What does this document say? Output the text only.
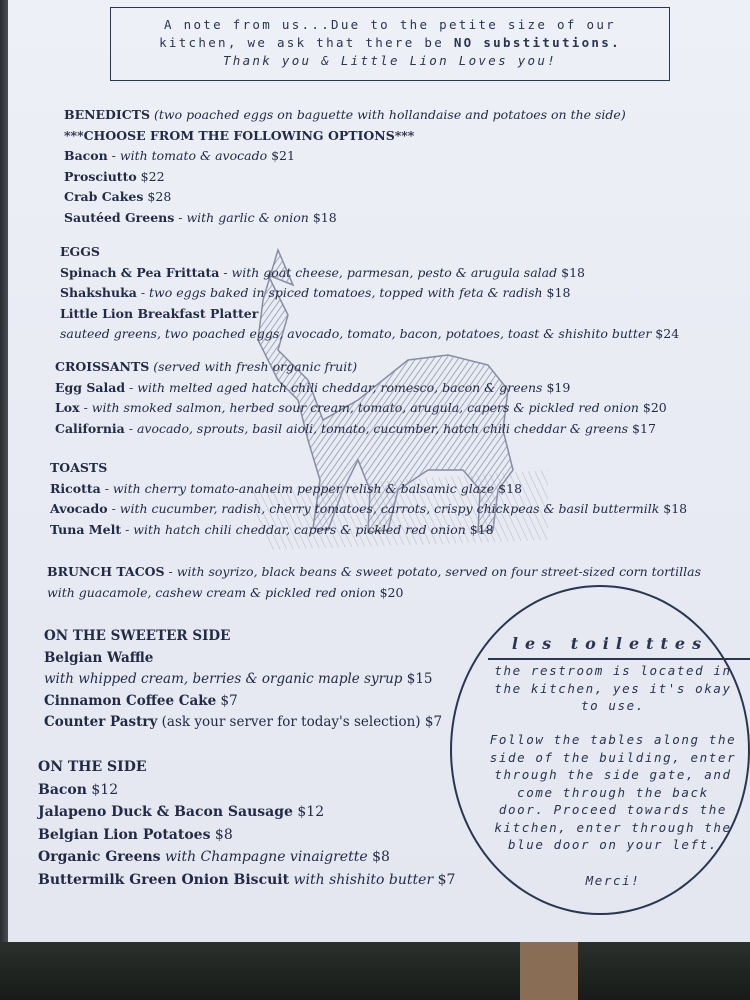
A note from us...Due to the petite size of our
kitchen, we ask that there be NO substitutions.
Thank you & Little Lion Loves you!
BENEDICTS (two poached eggs on baguette with hollandaise and potatoes on the side)
***CHOOSE FROM THE FOLLOWING OPTIONS***
Bacon - with tomato & avocado $21
Prosciutto $22
Crab Cakes $28
Sautéed Greens - with garlic & onion $18
EGGS
Spinach & Pea Frittata - with goat cheese, parmesan, pesto & arugula salad $18
Shakshuka - two eggs baked in spiced tomatoes, topped with feta & radish $18
Little Lion Breakfast Platter
sauteed greens, two poached eggs, avocado, tomato, bacon, potatoes, toast & shishito butter $24
CROISSANTS (served with fresh organic fruit)
Egg Salad - with melted aged hatch chili cheddar, romesco, bacon & greens $19
Lox - with smoked salmon, herbed sour cream, tomato, arugula, capers & pickled red onion $20
California - avocado, sprouts, basil aioli, tomato, cucumber, hatch chili cheddar & greens $17
TOASTS
Ricotta - with cherry tomato-anaheim pepper relish & balsamic glaze $18
Avocado - with cucumber, radish, cherry tomatoes, carrots, crispy chickpeas & basil buttermilk $18
Tuna Melt - with hatch chili cheddar, capers & pickled red onion $18
BRUNCH TACOS - with soyrizo, black beans & sweet potato, served on four street-sized corn tortillas
with guacamole, cashew cream & pickled red onion $20
ON THE SWEETER SIDE
Belgian Waffle
with whipped cream, berries & organic maple syrup $15
Cinnamon Coffee Cake $7
Counter Pastry (ask your server for today's selection) $7
ON THE SIDE
Bacon $12
Jalapeno Duck & Bacon Sausage $12
Belgian Lion Potatoes $8
Organic Greens with Champagne vinaigrette $8
Buttermilk Green Onion Biscuit with shishito butter $7
les toilettes
the restroom is located in
the kitchen, yes it's okay
to use.
Follow the tables along the
side of the building, enter
through the side gate, and
come through the back
door. Proceed towards the
kitchen, enter through the
blue door on your left.
Merci!
